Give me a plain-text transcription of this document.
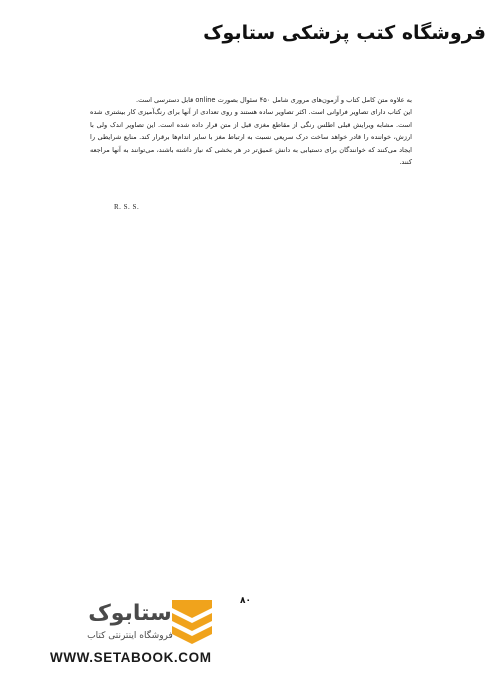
فروشگاه کتب پزشکی ستابوک

به علاوه متن کامل کتاب و آزمون‌های مروری شامل ۴۵۰ سئوال بصورت online قابل دسترسی است.

این کتاب دارای تصاویر فراوانی است. اکثر تصاویر ساده هستند و روی تعدادی از آنها برای رنگ‌آمیزی کار بیشتری شده است. مشابه ویرایش قبلی اطلس رنگی از مقاطع مغزی قبل از متن قرار داده شده است. این تصاویر اندک ولی با ارزش، خواننده را قادر خواهد ساخت درک سریعی نسبت به ارتباط مغز با سایر اندام‌ها برقرار کند. منابع شرایطی را ایجاد می‌کنند که خوانندگان برای دستیابی به دانش عمیق‌تر در هر بخشی که نیاز داشته باشند، می‌توانند به آنها مراجعه کنند.

R. S. S.
۸۰
ستابوک
فروشگاه اینترنتی کتاب
WWW.SETABOOK.COM
